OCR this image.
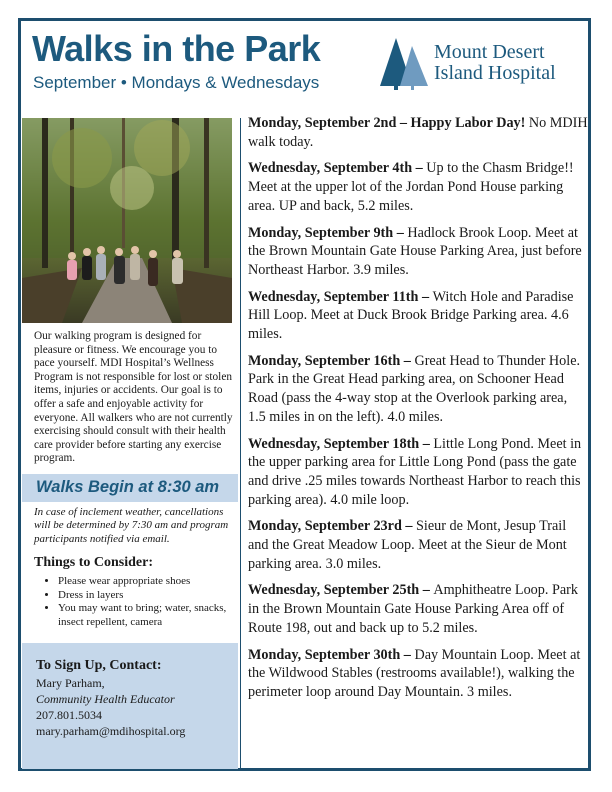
Walks in the Park
September • Mondays & Wednesdays
Mount Desert
Island Hospital
Our walking program is designed for pleasure or fitness. We encourage you to pace yourself. MDI Hospital’s Wellness Program is not responsible for lost or stolen items, injuries or accidents. Our goal is to offer a safe and enjoyable activity for everyone. All walkers who are not currently exercising should consult with their health care provider before starting any exercise program.
Walks Begin at 8:30 am
In case of inclement weather, cancellations will be determined by 7:30 am and program participants notified via email.
Things to Consider:
• Please wear appropriate shoes
• Dress in layers
• You may want to bring; water, snacks, insect repellent, camera
To Sign Up, Contact:
Mary Parham,
Community Health Educator
207.801.5034
mary.parham@mdihospital.org

Monday, September 2nd – Happy Labor Day! No MDIH walk today.

Wednesday, September 4th – Up to the Chasm Bridge!! Meet at the upper lot of the Jordan Pond House parking area. UP and back, 5.2 miles.

Monday, September 9th – Hadlock Brook Loop. Meet at the Brown Mountain Gate House Parking Area, just before Northeast Harbor. 3.9 miles.

Wednesday, September 11th – Witch Hole and Paradise Hill Loop. Meet at Duck Brook Bridge Parking area. 4.6 miles.

Monday, September 16th – Great Head to Thunder Hole. Park in the Great Head parking area, on Schooner Head Road (pass the 4-way stop at the Overlook parking area, 1.5 miles in on the left). 4.0 miles.

Wednesday, September 18th – Little Long Pond. Meet in the upper parking area for Little Long Pond (pass the gate and drive .25 miles towards Northeast Harbor to reach this parking area). 4.0 mile loop.

Monday, September 23rd – Sieur de Mont, Jesup Trail and the Great Meadow Loop. Meet at the Sieur de Mont parking area. 3.0 miles.

Wednesday, September 25th – Amphitheatre Loop. Park in the Brown Mountain Gate House Parking Area off of Route 198, out and back up to 5.2 miles.

Monday, September 30th – Day Mountain Loop. Meet at the Wildwood Stables (restrooms available!), walking the perimeter loop around Day Mountain. 3 miles.
